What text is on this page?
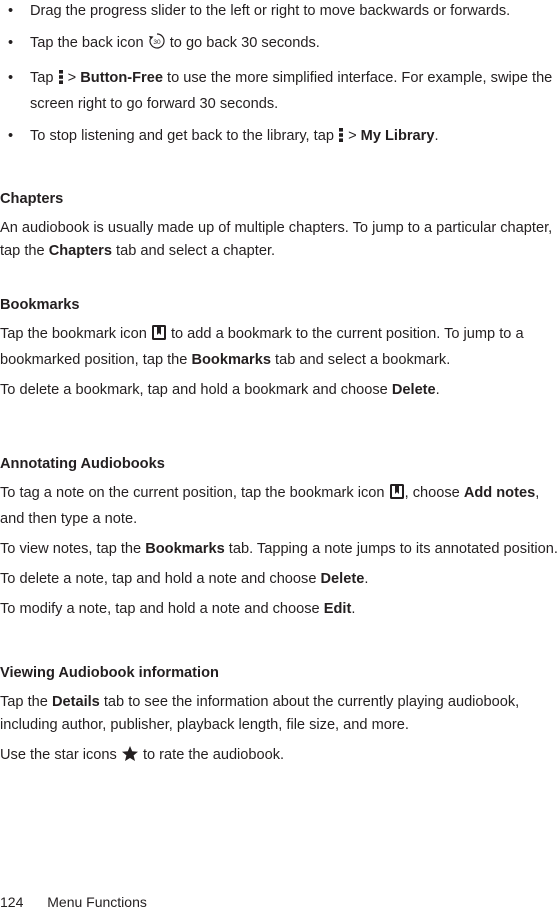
• Drag the progress slider to the left or right to move backwards or forwards.
• Tap the back icon 30 to go back 30 seconds.
• Tap > Button-Free to use the more simplified interface. For example, swipe the screen right to go forward 30 seconds.
• To stop listening and get back to the library, tap > My Library.
Chapters

An audiobook is usually made up of multiple chapters. To jump to a particular chapter, tap the Chapters tab and select a chapter.

Bookmarks

Tap the bookmark icon to add a bookmark to the current position. To jump to a bookmarked position, tap the Bookmarks tab and select a bookmark.

To delete a bookmark, tap and hold a bookmark and choose Delete.

Annotating Audiobooks

To tag a note on the current position, tap the bookmark icon , choose Add notes, and then type a note.

To view notes, tap the Bookmarks tab. Tapping a note jumps to its annotated position.

To delete a note, tap and hold a note and choose Delete.

To modify a note, tap and hold a note and choose Edit.

Viewing Audiobook information

Tap the Details tab to see the information about the currently playing audiobook, including author, publisher, playback length, file size, and more.

Use the star icons to rate the audiobook.

124 Menu Functions
